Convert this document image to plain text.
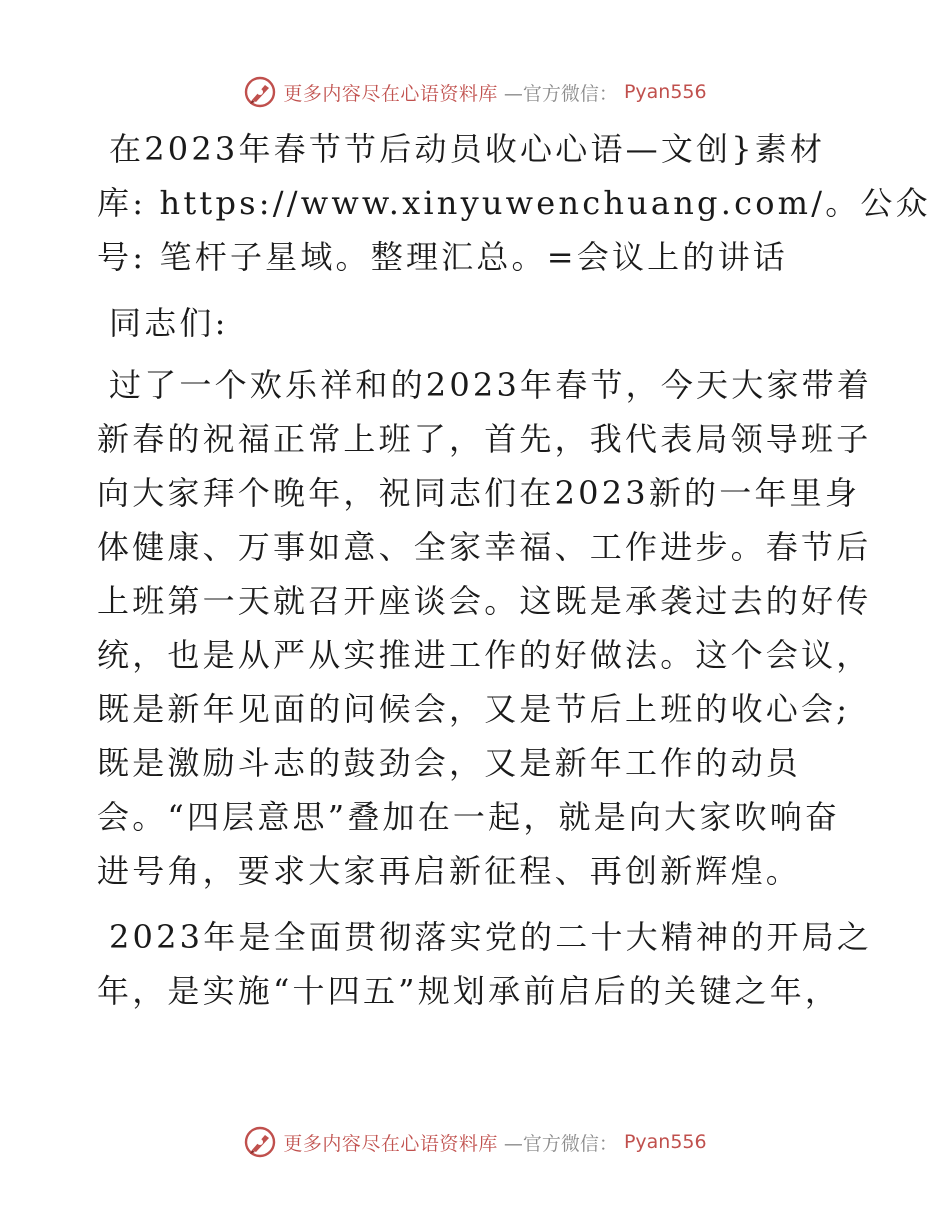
更多内容尽在心语资料库 —官方微信： Pyan556
在2023年春节节后动员收心心语—文创}素材
库: https://www.xinyuwenchuang.com/。公众
号: 笔杆子星域。整理汇总。=会议上的讲话
同志们:
过了一个欢乐祥和的2023年春节，今天大家带着
新春的祝福正常上班了，首先，我代表局领导班子
向大家拜个晚年，祝同志们在2023新的一年里身
体健康、万事如意、全家幸福、工作进步。春节后
上班第一天就召开座谈会。这既是承袭过去的好传
统，也是从严从实推进工作的好做法。这个会议，
既是新年见面的问候会，又是节后上班的收心会;
既是激励斗志的鼓劲会，又是新年工作的动员
会。“四层意思”叠加在一起，就是向大家吹响奋
进号角，要求大家再启新征程、再创新辉煌。
2023年是全面贯彻落实党的二十大精神的开局之
年，是实施“十四五”规划承前启后的关键之年，
更多内容尽在心语资料库 —官方微信： Pyan556
